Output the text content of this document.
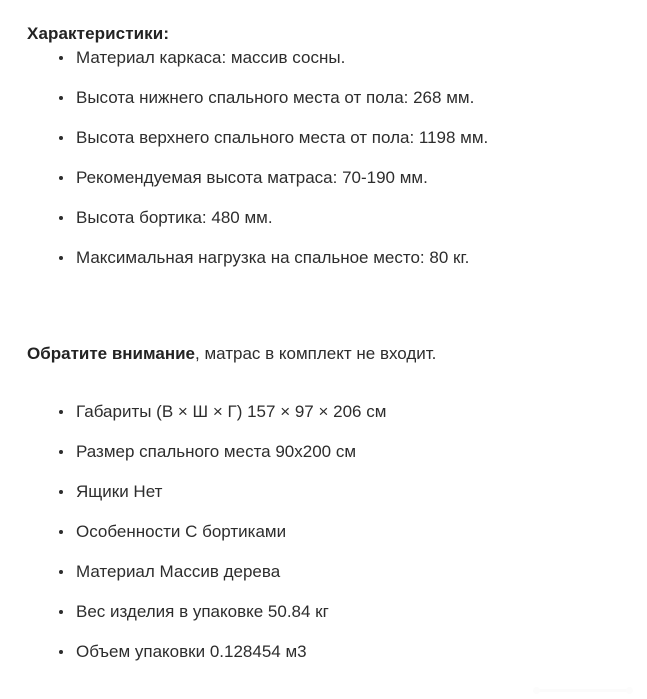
Характеристики:
Материал каркаса: массив сосны.
Высота нижнего спального места от пола: 268 мм.
Высота верхнего спального места от пола: 1198 мм.
Рекомендуемая высота матраса: 70-190 мм.
Высота бортика: 480 мм.
Максимальная нагрузка на спальное место: 80 кг.

Обратите внимание, матрас в комплект не входит.

Габариты (В × Ш × Г) 157 × 97 × 206 см
Размер спального места 90x200 см
Ящики Нет
Особенности С бортиками
Материал Массив дерева
Вес изделия в упаковке 50.84 кг
Объем упаковки 0.128454 м3
